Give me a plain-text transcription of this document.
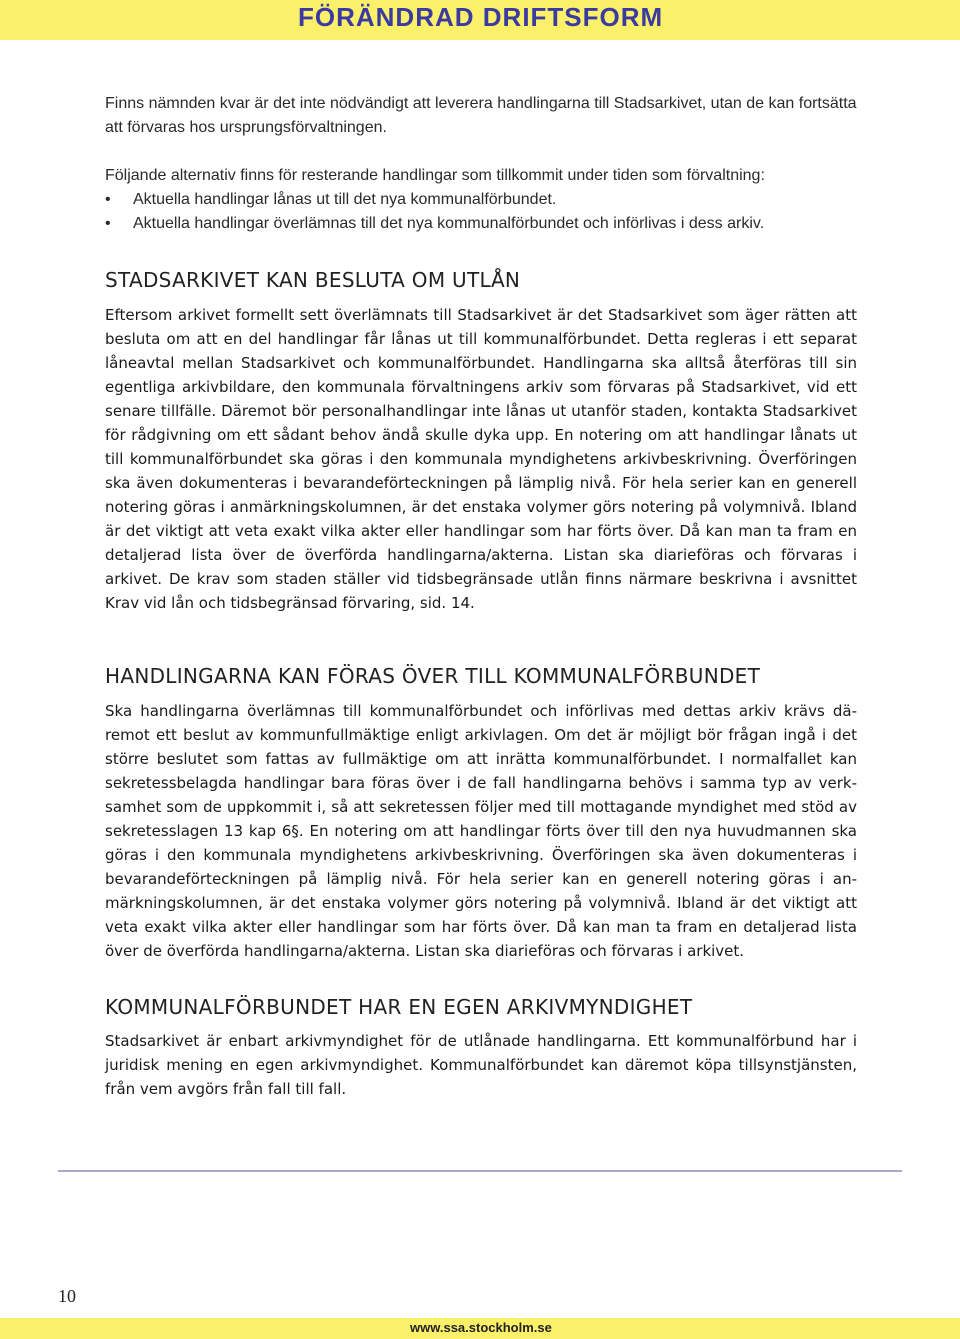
FÖRÄNDRAD DRIFTSFORM

Finns nämnden kvar är det inte nödvändigt att leverera handlingarna till Stadsarkivet, utan de kan fortsätta att förvaras hos ursprungsförvaltningen.

Följande alternativ finns för resterande handlingar som tillkommit under tiden som förvaltning:

• Aktuella handlingar lånas ut till det nya kommunalförbundet.
• Aktuella handlingar överlämnas till det nya kommunalförbundet och införlivas i dess arkiv.
STADSARKIVET KAN BESLUTA OM UTLÅN

Eftersom arkivet formellt sett överlämnats till Stadsarkivet är det Stadsarkivet som äger rätten att besluta om att en del handlingar får lånas ut till kommunalförbundet. Detta regleras i ett separat låneavtal mellan Stadsarkivet och kommunalförbundet. Handlingarna ska alltså återföras till sin egentliga arkivbildare, den kommunala förvaltningens arkiv som förvaras på Stadsarkivet, vid ett senare tillfälle. Däremot bör personalhandlingar inte lånas ut utanför staden, kontakta Stadsarkivet för rådgivning om ett sådant behov ändå skulle dyka upp. En notering om att handlingar lånats ut till kommunalförbundet ska göras i den kommunala myndighetens arkivbeskrivning. Överföringen ska även dokumenteras i bevarandeförteckningen på lämplig nivå. För hela serier kan en generell notering göras i anmärkningskolumnen, är det enstaka volymer görs notering på volymnivå. Ibland är det viktigt att veta exakt vilka akter eller handlingar som har förts över. Då kan man ta fram en detaljerad lista över de överförda handlingarna/akterna. Listan ska diarieföras och förvaras i arkivet. De krav som staden ställer vid tidsbegränsade utlån finns närmare beskrivna i avsnittet Krav vid lån och tidsbegränsad förvaring, sid. 14.

HANDLINGARNA KAN FÖRAS ÖVER TILL KOMMUNALFÖRBUNDET

Ska handlingarna överlämnas till kommunalförbundet och införlivas med dettas arkiv krävs däremot ett beslut av kommunfullmäktige enligt arkivlagen. Om det är möjligt bör frågan ingå i det större beslutet som fattas av fullmäktige om att inrätta kommunalförbundet. I normalfallet kan sekretessbelagda handlingar bara föras över i de fall handlingarna behövs i samma typ av verksamhet som de uppkommit i, så att sekretessen följer med till mottagande myndighet med stöd av sekretesslagen 13 kap 6§. En notering om att handlingar förts över till den nya huvudmannen ska göras i den kommunala myndighetens arkivbeskrivning. Överföringen ska även dokumenteras i bevarandeförteckningen på lämplig nivå. För hela serier kan en generell notering göras i anmärkningskolumnen, är det enstaka volymer görs notering på volymnivå. Ibland är det viktigt att veta exakt vilka akter eller handlingar som har förts över. Då kan man ta fram en detaljerad lista över de överförda handlingarna/akterna. Listan ska diarieföras och förvaras i arkivet.

KOMMUNALFÖRBUNDET HAR EN EGEN ARKIVMYNDIGHET

Stadsarkivet är enbart arkivmyndighet för de utlånade handlingarna. Ett kommunalförbund har i juridisk mening en egen arkivmyndighet. Kommunalförbundet kan däremot köpa tillsynstjänsten, från vem avgörs från fall till fall.

10
www.ssa.stockholm.se
